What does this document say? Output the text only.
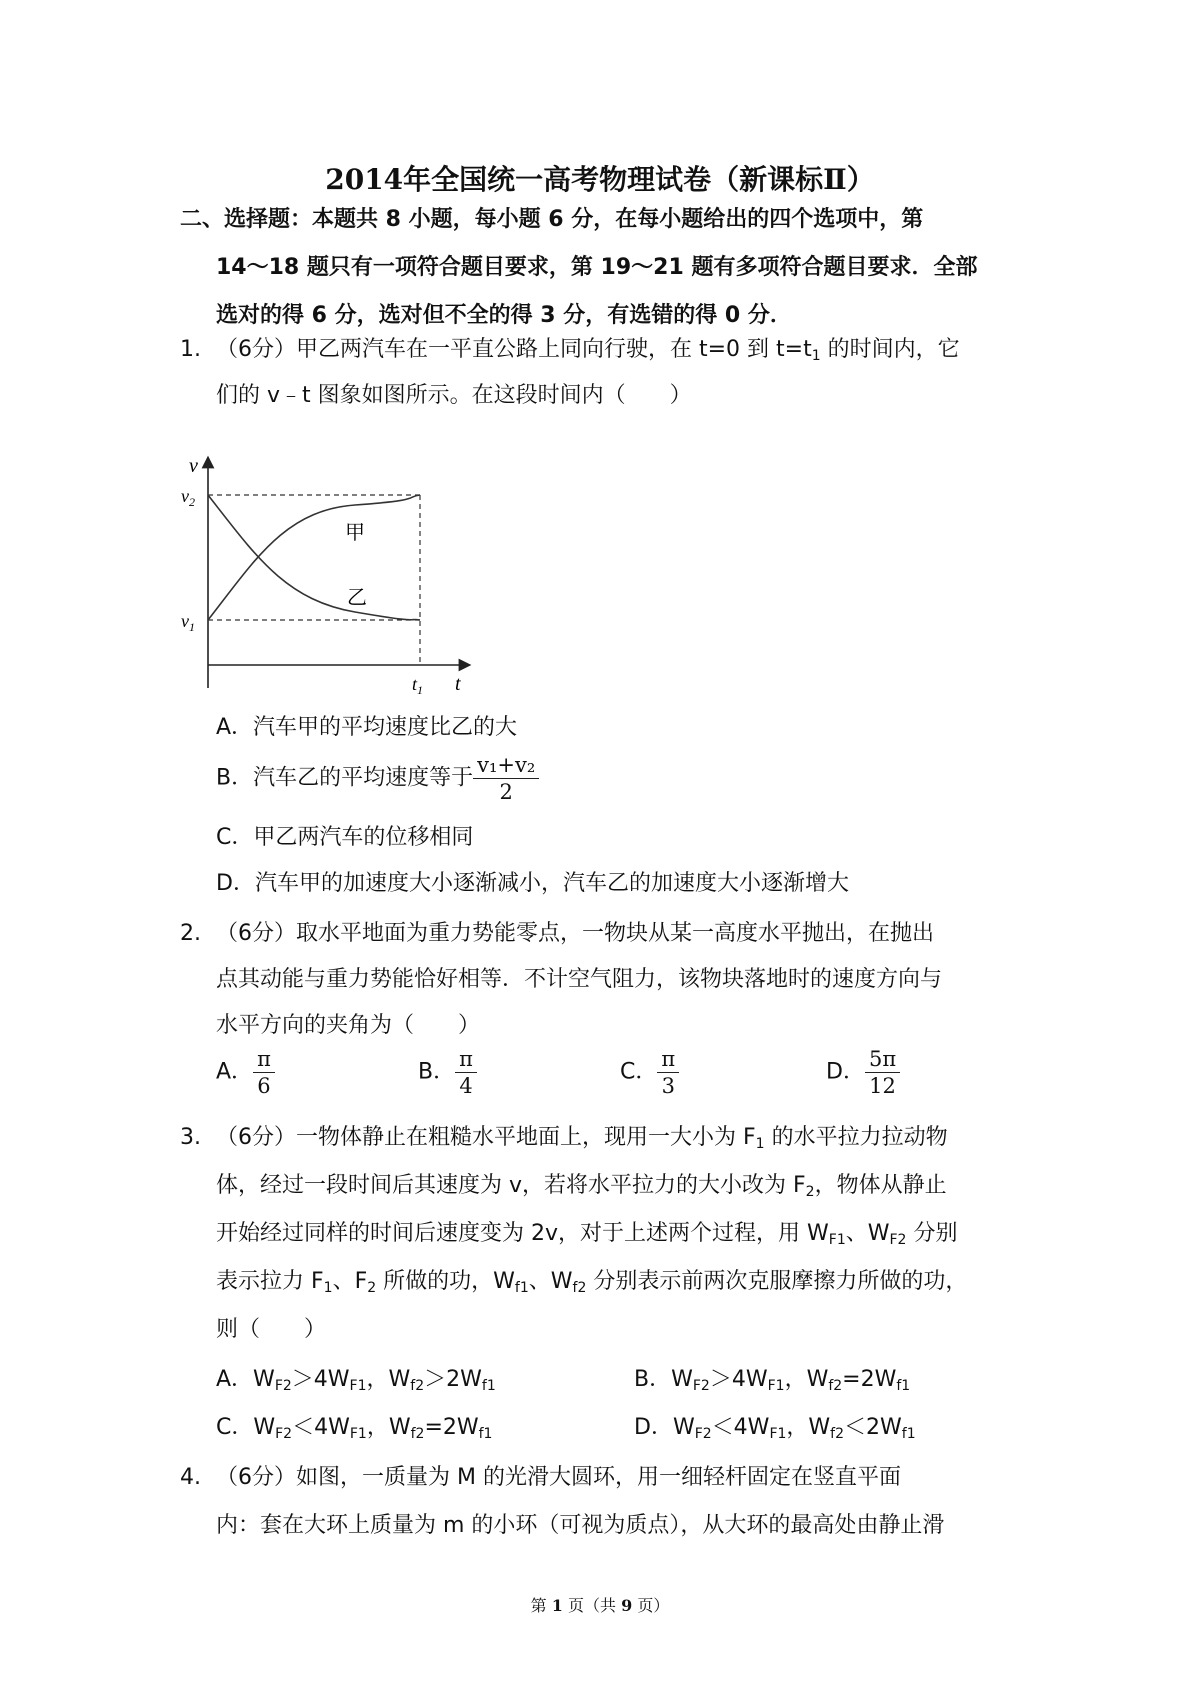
2014年全国统一高考物理试卷（新课标Ⅱ）
二、选择题：本题共 8 小题，每小题 6 分，在每小题给出的四个选项中，第

14～18 题只有一项符合题目要求，第 19～21 题有多项符合题目要求．全部
选对的得 6 分，选对但不全的得 3 分，有选错的得 0 分．
1. （6分）甲乙两汽车在一平直公路上同向行驶，在 t=0 到 $t=t_1$ 的时间内，它
们的 v﹣t 图象如图所示。在这段时间内（　　）
v
t
$v_2$
$v_1$
$t_1$
甲
乙
A．汽车甲的平均速度比乙的大
B．汽车乙的平均速度等于 $\frac{\text{v₁+v₂}}{2}$
C．甲乙两汽车的位移相同
D．汽车甲的加速度大小逐渐减小，汽车乙的加速度大小逐渐增大
2. （6分）取水平地面为重力势能零点，一物块从某一高度水平抛出，在抛出
点其动能与重力势能恰好相等．不计空气阻力，该物块落地时的速度方向与
水平方向的夹角为（　　）
A． $\frac{\pi}{6}$	B． $\frac{\pi}{4}$	C． $\frac{\pi}{3}$	D． $\frac{5\pi}{12}$
3. （6分）一物体静止在粗糙水平地面上，现用一大小为 $F_1$ 的水平拉力拉动物
体，经过一段时间后其速度为 v，若将水平拉力的大小改为 $F_2$，物体从静止
开始经过同样的时间后速度变为 2v，对于上述两个过程，用 $W_{F1}$、$W_{F2}$ 分别
表示拉力 $F_1$、$F_2$ 所做的功，$W_{f1}$、$W_{f2}$ 分别表示前两次克服摩擦力所做的功，
则（　　）
A．$W_{F2}>4W_{F1}$，$W_{f2}>2W_{f1}$	B．$W_{F2}>4W_{F1}$，$W_{f2}=2W_{f1}$
C．$W_{F2}<4W_{F1}$，$W_{f2}=2W_{f1}$	D．$W_{F2}<4W_{F1}$，$W_{f2}<2W_{f1}$
4. （6分）如图，一质量为 M 的光滑大圆环，用一细轻杆固定在竖直平面
内：套在大环上质量为 m 的小环（可视为质点），从大环的最高处由静止滑
第 1 页（共 9 页）
